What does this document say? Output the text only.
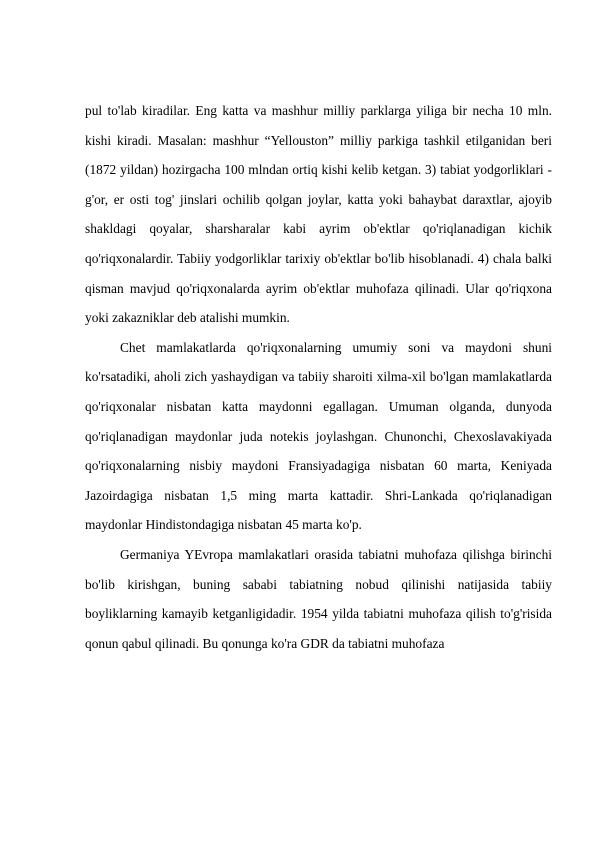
pul to'lab kiradilar. Eng katta va mashhur milliy parklarga yiliga bir necha 10 mln. kishi kiradi. Masalan: mashhur “Yellouston” milliy parkiga tashkil etilganidan beri (1872 yildan) hozirgacha 100 mlndan ortiq kishi kelib ketgan. 3) tabiat yodgorliklari - g'or, er osti tog' jinslari ochilib qolgan joylar, katta yoki bahaybat daraxtlar, ajoyib shakldagi qoyalar, sharsharalar kabi ayrim ob'ektlar qo'riqlanadigan kichik qo'riqxonalardir. Tabiiy yodgorliklar tarixiy ob'ektlar bo'lib hisoblanadi. 4) chala balki qisman mavjud qo'riqxonalarda ayrim ob'ektlar muhofaza qilinadi. Ular qo'riqxona yoki zakazniklar deb atalishi mumkin.

Chet mamlakatlarda qo'riqxonalarning umumiy soni va maydoni shuni ko'rsatadiki, aholi zich yashaydigan va tabiiy sharoiti xilma-xil bo'lgan mamlakatlarda qo'riqxonalar nisbatan katta maydonni egallagan. Umuman olganda, dunyoda qo'riqlanadigan maydonlar juda notekis joylashgan. Chunonchi, Chexoslavakiyada qo'riqxonalarning nisbiy maydoni Fransiyadagiga nisbatan 60 marta, Keniyada Jazoirdagiga nisbatan 1,5 ming marta kattadir. Shri-Lankada qo'riqlanadigan maydonlar Hindistondagiga nisbatan 45 marta ko'p.

Germaniya YEvropa mamlakatlari orasida tabiatni muhofaza qilishga birinchi bo'lib kirishgan, buning sababi tabiatning nobud qilinishi natijasida tabiiy boyliklarning kamayib ketganligidadir. 1954 yilda tabiatni muhofaza qilish to'g'risida qonun qabul qilinadi. Bu qonunga ko'ra GDR da tabiatni muhofaza
